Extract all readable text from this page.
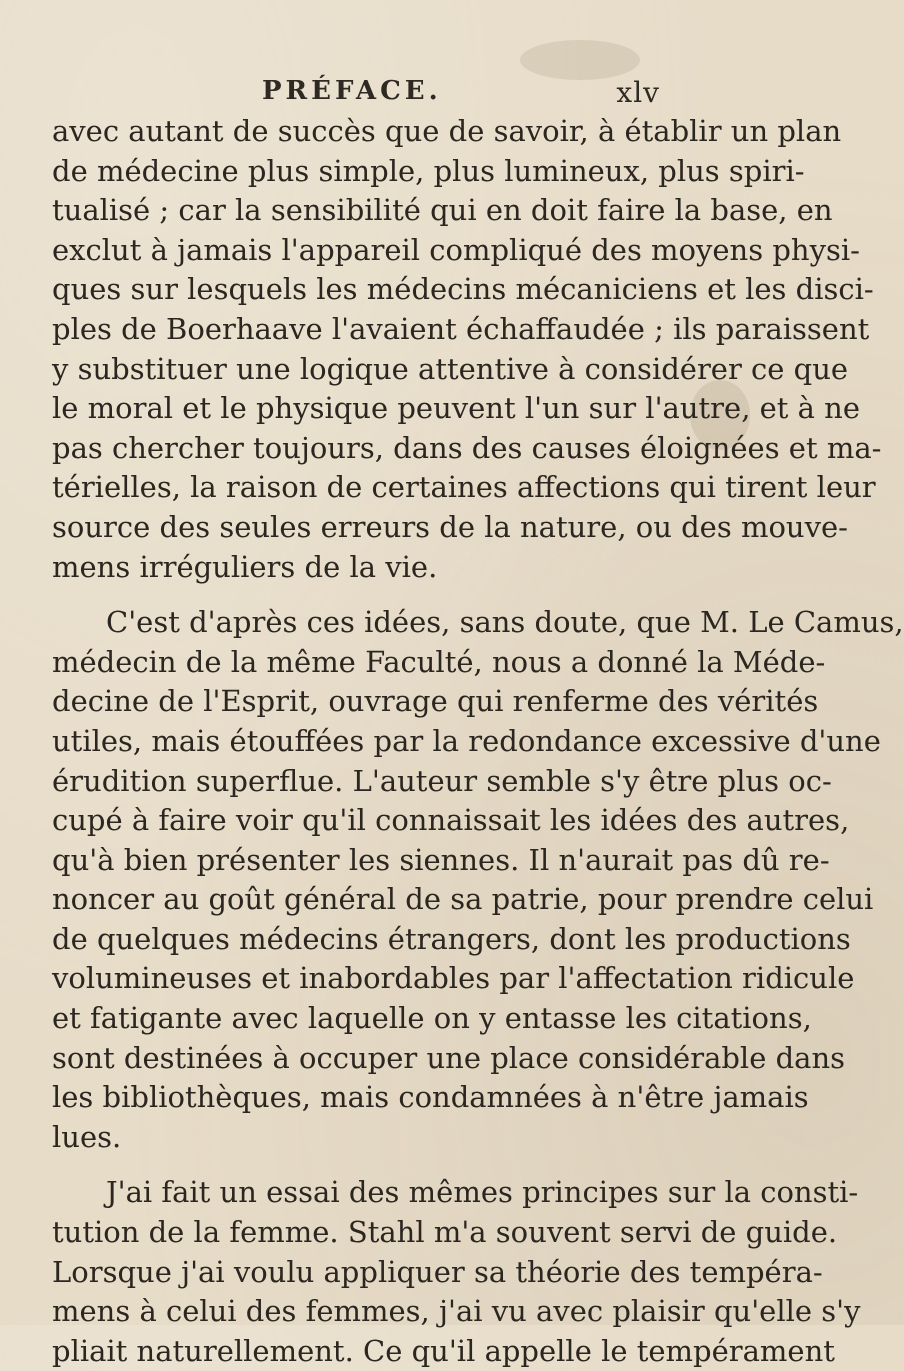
PRÉFACE.	xlv
avec autant de succès que de savoir, à établir un plan
de médecine plus simple, plus lumineux, plus spiri-
tualisé ; car la sensibilité qui en doit faire la base, en
exclut à jamais l'appareil compliqué des moyens physi-
ques sur lesquels les médecins mécaniciens et les disci-
ples de Boerhaave l'avaient échaffaudée ; ils paraissent
y substituer une logique attentive à considérer ce que
le moral et le physique peuvent l'un sur l'autre, et à ne
pas chercher toujours, dans des causes éloignées et ma-
térielles, la raison de certaines affections qui tirent leur
source des seules erreurs de la nature, ou des mouve-
mens irréguliers de la vie.
C'est d'après ces idées, sans doute, que M. Le Camus,
médecin de la même Faculté, nous a donné la Méde-
decine de l'Esprit, ouvrage qui renferme des vérités
utiles, mais étouffées par la redondance excessive d'une
érudition superflue. L'auteur semble s'y être plus oc-
cupé à faire voir qu'il connaissait les idées des autres,
qu'à bien présenter les siennes. Il n'aurait pas dû re-
noncer au goût général de sa patrie, pour prendre celui
de quelques médecins étrangers, dont les productions
volumineuses et inabordables par l'affectation ridicule
et fatigante avec laquelle on y entasse les citations,
sont destinées à occuper une place considérable dans
les bibliothèques, mais condamnées à n'être jamais
lues.
J'ai fait un essai des mêmes principes sur la consti-
tution de la femme. Stahl m'a souvent servi de guide.
Lorsque j'ai voulu appliquer sa théorie des tempéra-
mens à celui des femmes, j'ai vu avec plaisir qu'elle s'y
pliait naturellement. Ce qu'il appelle le tempérament
